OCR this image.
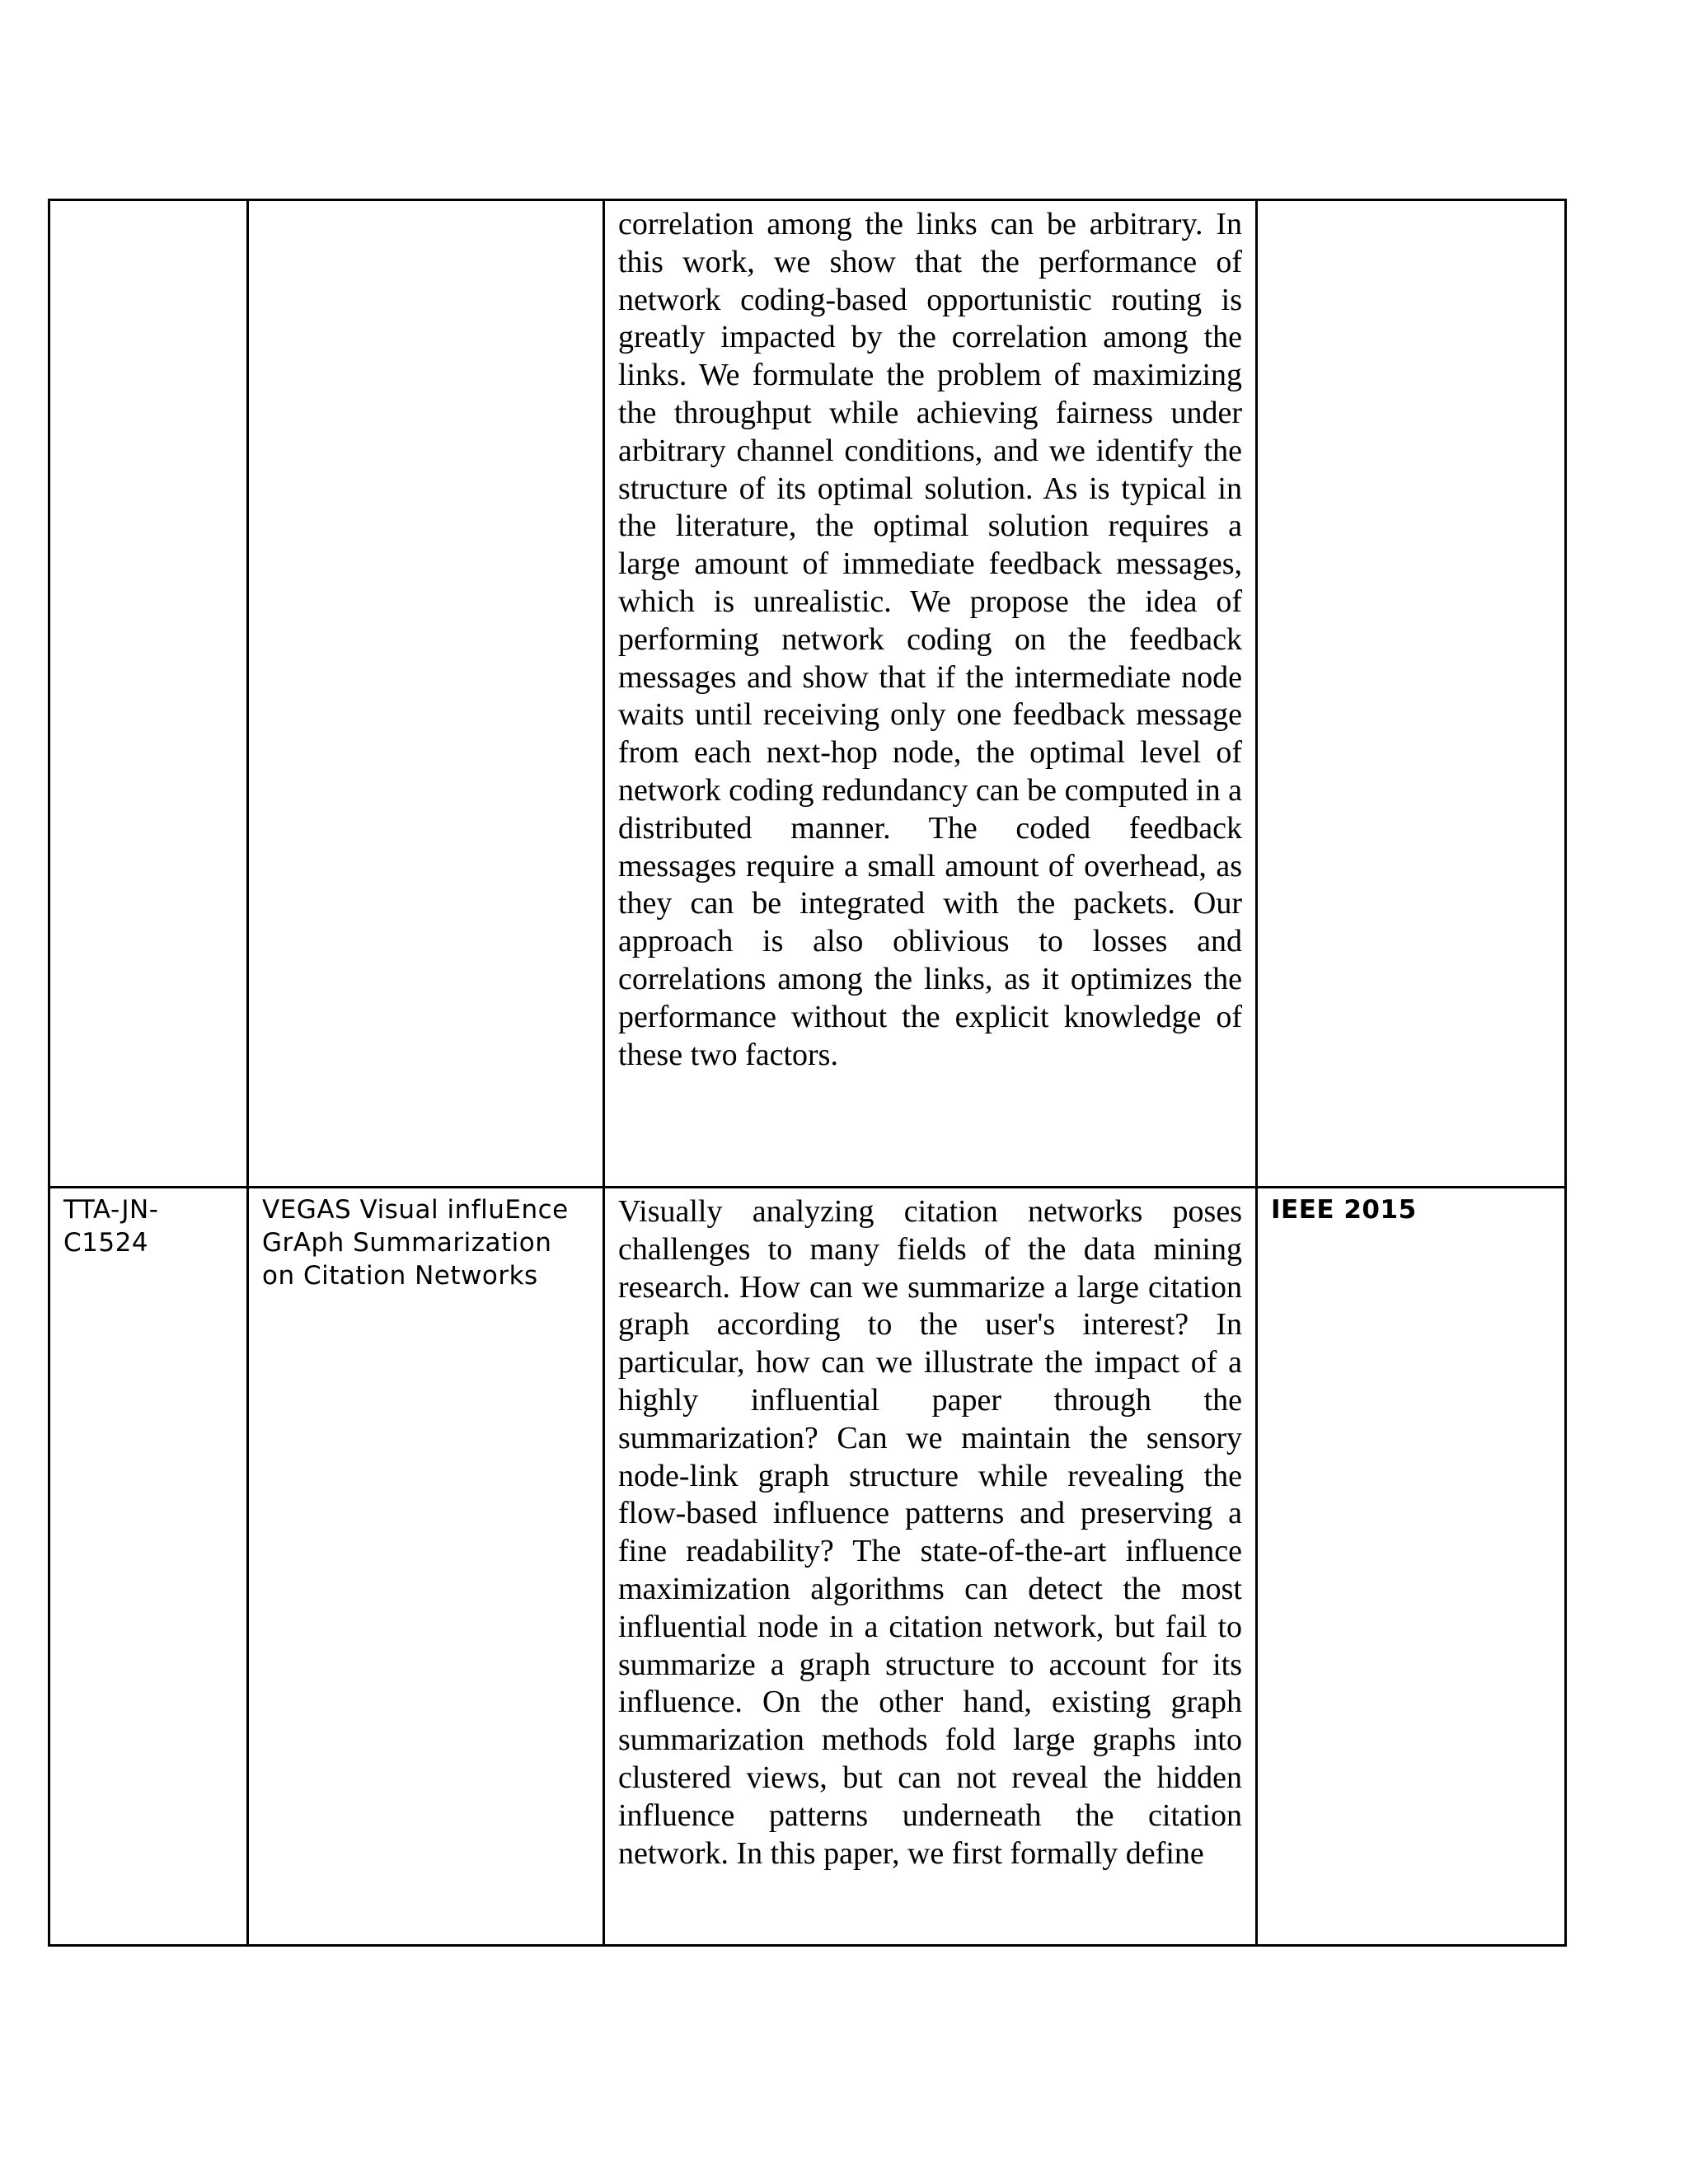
		correlation among the links can be arbitrary. In this work, we show that the performance of network coding-based opportunistic routing is greatly impacted by the correlation among the links. We formulate the problem of maximizing the throughput while achieving fairness under arbitrary channel conditions, and we identify the structure of its optimal solution. As is typical in the literature, the optimal solution requires a large amount of immediate feedback messages, which is unrealistic. We propose the idea of performing network coding on the feedback messages and show that if the intermediate node waits until receiving only one feedback message from each next-hop node, the optimal level of network coding redundancy can be computed in a distributed manner. The coded feedback messages require a small amount of overhead, as they can be integrated with the packets. Our approach is also oblivious to losses and correlations among the links, as it optimizes the performance without the explicit knowledge of these two factors.	
TTA-JN-C1524	VEGAS Visual influEnce GrAph Summarization on Citation Networks	Visually analyzing citation networks poses challenges to many fields of the data mining research. How can we summarize a large citation graph according to the user's interest? In particular, how can we illustrate the impact of a highly influential paper through the summarization? Can we maintain the sensory node-link graph structure while revealing the flow-based influence patterns and preserving a fine readability? The state-of-the-art influence maximization algorithms can detect the most influential node in a citation network, but fail to summarize a graph structure to account for its influence. On the other hand, existing graph summarization methods fold large graphs into clustered views, but can not reveal the hidden influence patterns underneath the citation network. In this paper, we first formally define	IEEE 2015
